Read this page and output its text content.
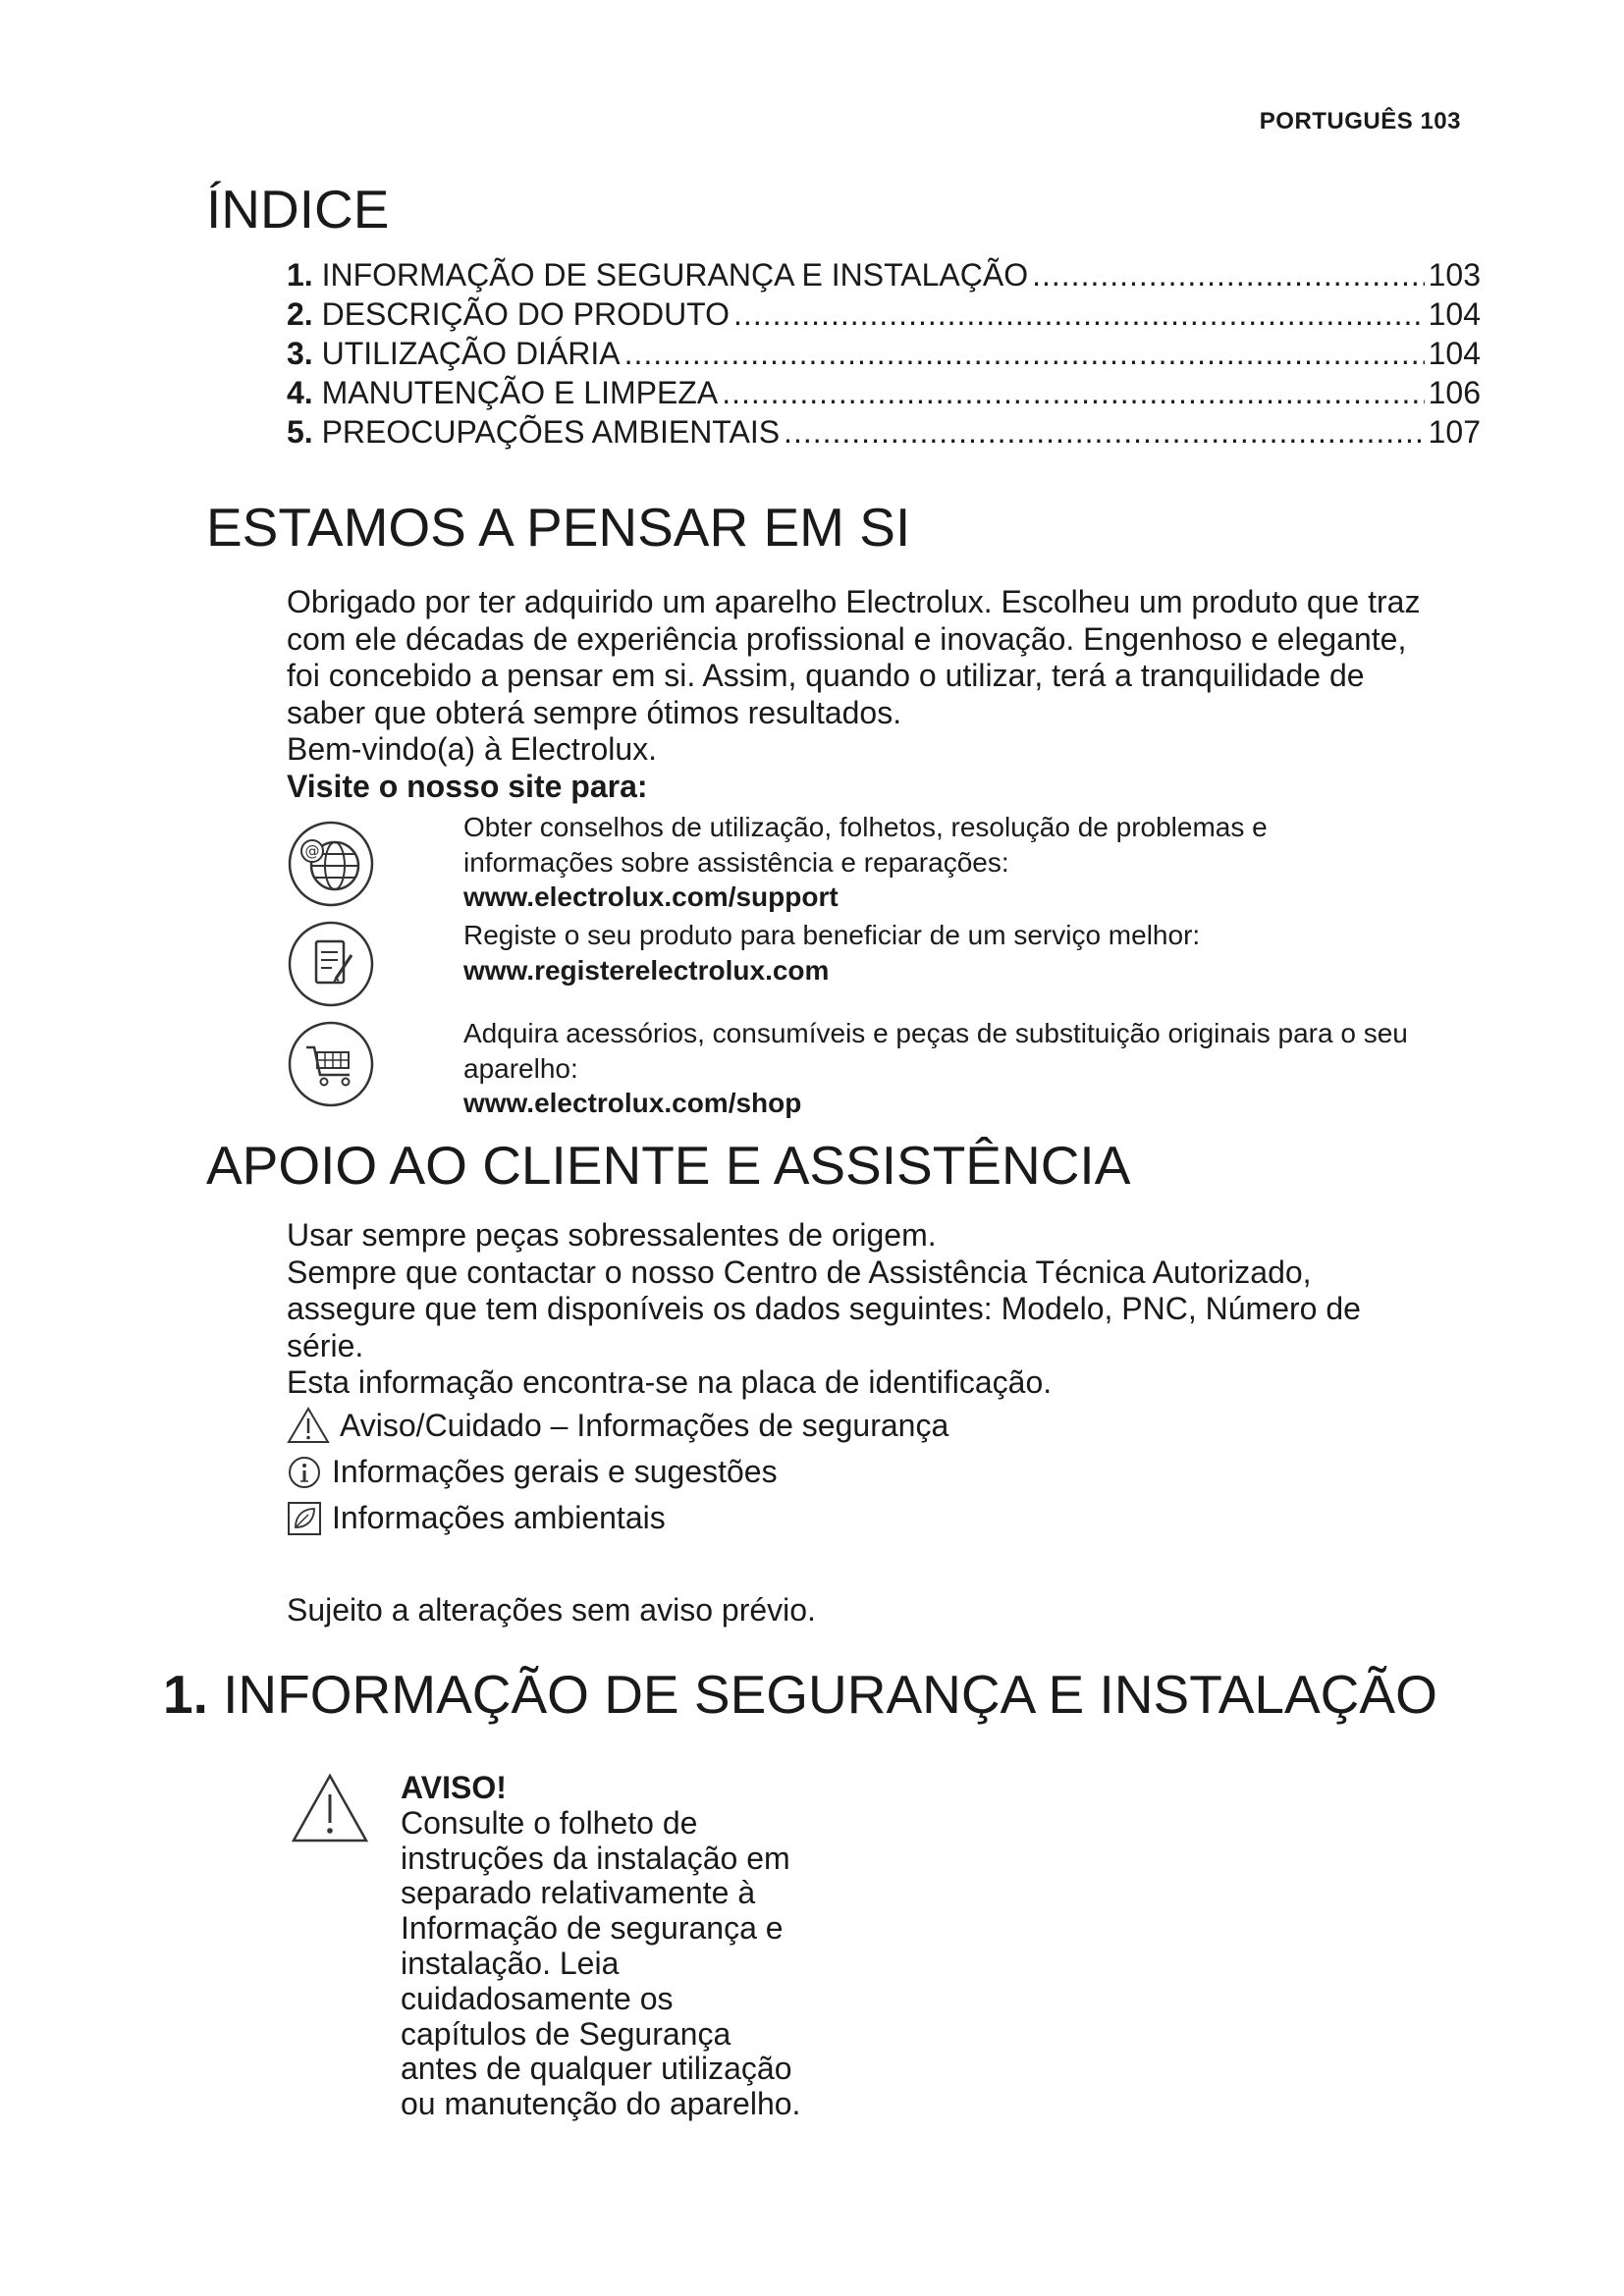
PORTUGUÊS 103
ÍNDICE
1.
INFORMAÇÃO DE SEGURANÇA E INSTALAÇÃO .....	103
2.
DESCRIÇÃO DO PRODUTO .....	104
3.
UTILIZAÇÃO DIÁRIA .....	104
4.
MANUTENÇÃO E LIMPEZA .....	106
5.
PREOCUPAÇÕES AMBIENTAIS .....	107
ESTAMOS A PENSAR EM SI
Obrigado por ter adquirido um aparelho Electrolux. Escolheu um produto que traz
com ele décadas de experiência profissional e inovação. Engenhoso e elegante,
foi concebido a pensar em si. Assim, quando o utilizar, terá a tranquilidade de
saber que obterá sempre ótimos resultados.
Bem-vindo(a) à Electrolux.
Visite o nosso site para:
@
Obter conselhos de utilização, folhetos, resolução de problemas e
informações sobre assistência e reparações:
www.electrolux.com/support
Registe o seu produto para beneficiar de um serviço melhor:
www.registerelectrolux.com
Adquira acessórios, consumíveis e peças de substituição originais para o seu
aparelho:
www.electrolux.com/shop
APOIO AO CLIENTE E ASSISTÊNCIA
Usar sempre peças sobressalentes de origem.
Sempre que contactar o nosso Centro de Assistência Técnica Autorizado,
assegure que tem disponíveis os dados seguintes: Modelo, PNC, Número de
série.
Esta informação encontra-se na placa de identificação.
Aviso/Cuidado – Informações de segurança
Informações gerais e sugestões
Informações ambientais
Sujeito a alterações sem aviso prévio.
1. INFORMAÇÃO DE SEGURANÇA E INSTALAÇÃO
AVISO!
Consulte o folheto de
instruções da instalação em
separado relativamente à
Informação de segurança e
instalação. Leia
cuidadosamente os
capítulos de Segurança
antes de qualquer utilização
ou manutenção do aparelho.
